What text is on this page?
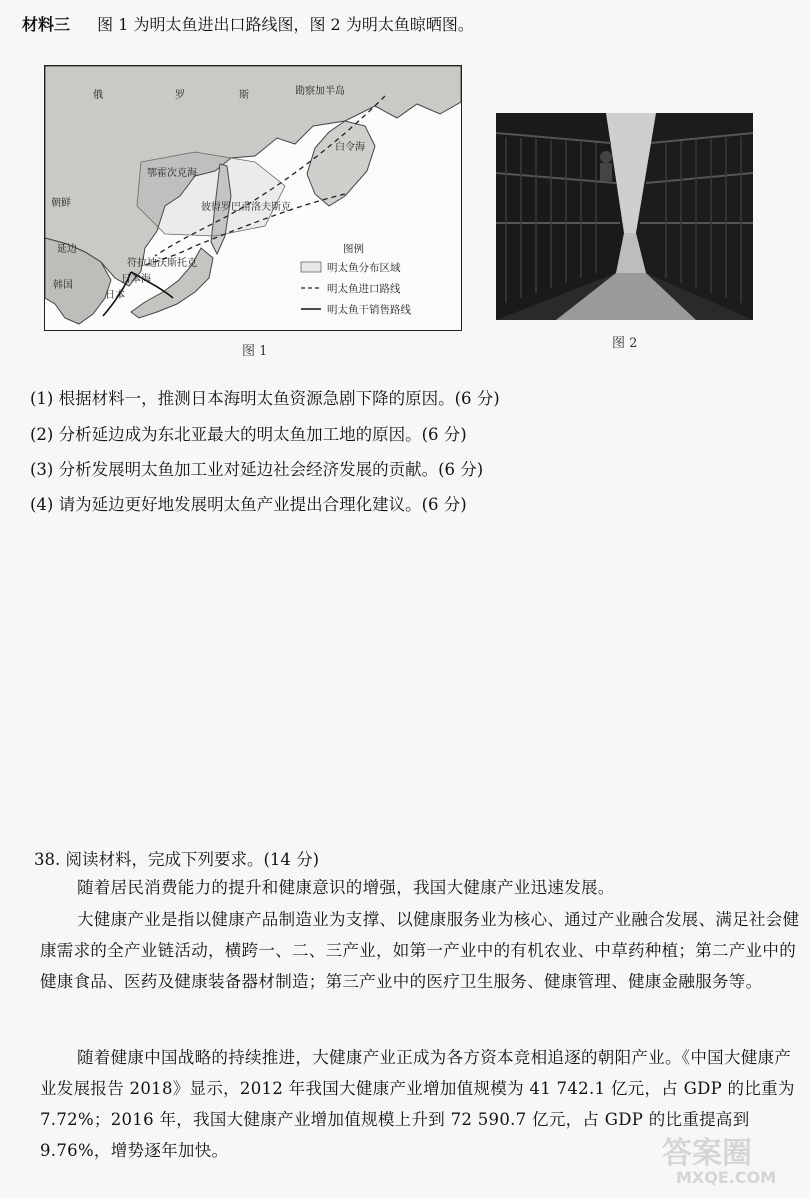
材料三 图 1 为明太鱼进出口路线图，图 2 为明太鱼晾晒图。
俄	罗	斯
鄂霍次克海
勘察加半岛
白令海
彼得罗巴甫洛夫斯克
符拉迪沃斯托克
延边
日本海
日本
朝鲜
韩国
图例
明太鱼分布区域
明太鱼进口路线
明太鱼干销售路线
图 1
图 2
(1) 根据材料一，推测日本海明太鱼资源急剧下降的原因。(6 分)
(2) 分析延边成为东北亚最大的明太鱼加工地的原因。(6 分)
(3) 分析发展明太鱼加工业对延边社会经济发展的贡献。(6 分)
(4) 请为延边更好地发展明太鱼产业提出合理化建议。(6 分)
38. 阅读材料，完成下列要求。(14 分)
随着居民消费能力的提升和健康意识的增强，我国大健康产业迅速发展。
大健康产业是指以健康产品制造业为支撑、以健康服务业为核心、通过产业融合发展、满足社会健康需求的全产业链活动，横跨一、二、三产业，如第一产业中的有机农业、中草药种植；第二产业中的健康食品、医药及健康装备器材制造；第三产业中的医疗卫生服务、健康管理、健康金融服务等。
随着健康中国战略的持续推进，大健康产业正成为各方资本竞相追逐的朝阳产业。《中国大健康产业发展报告 2018》显示，2012 年我国大健康产业增加值规模为 41 742.1 亿元，占 GDP 的比重为 7.72%；2016 年，我国大健康产业增加值规模上升到 72 590.7 亿元，占 GDP 的比重提高到 9.76%，增势逐年加快。	答案圈
MXQE.COM
